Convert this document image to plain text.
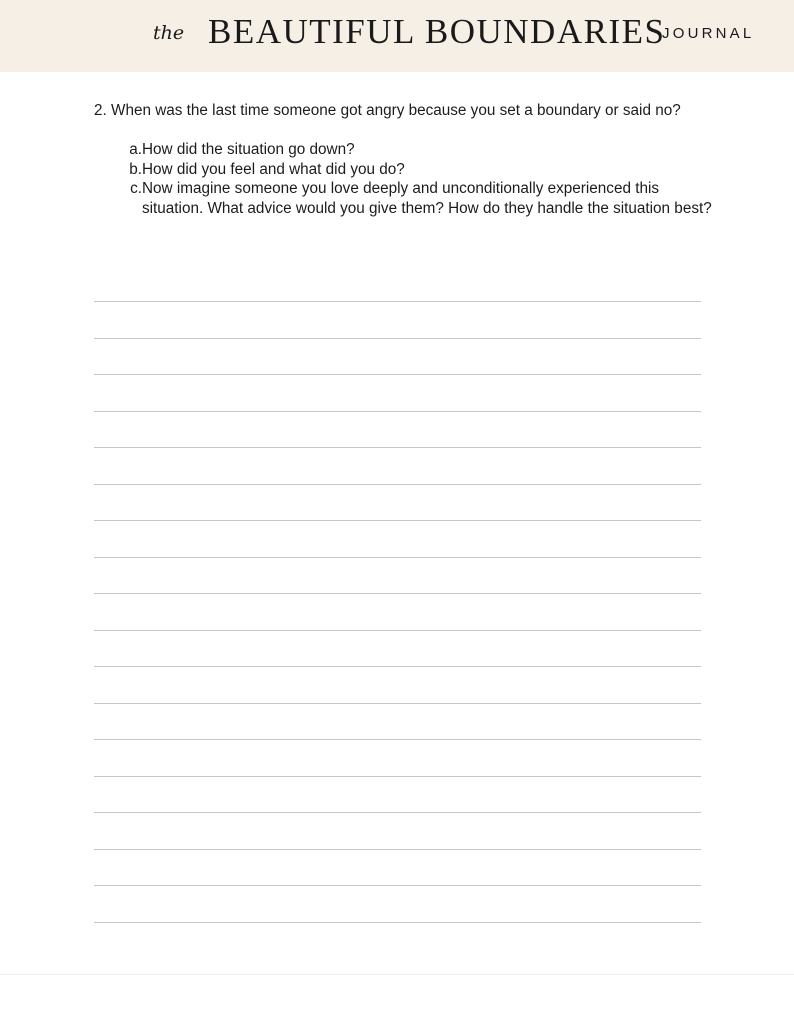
the BEAUTIFUL BOUNDARIES
JOURNAL
2. When was the last time someone got angry because you set a boundary or said no?
a. How did the situation go down?
b. How did you feel and what did you do?
c. Now imagine someone you love deeply and unconditionally experienced this situation. What advice would you give them? How do they handle the situation best?
